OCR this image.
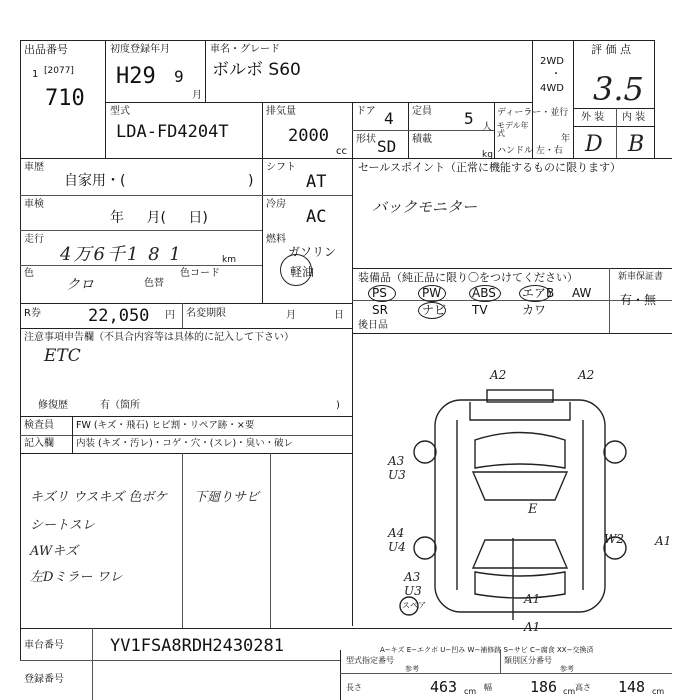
出品番号
1 [2077]
710
初度登録年月
H29 9
月
車名・グレード
ボルボ S60	2WD
・
4WD
評 価 点
3.5
外 装 内 装
D B
型式
LDA-FD4204T
排気量
2000
cc
ドア 4
形状 SD
定員 5 人
積載
kg
ディーラー・並行
モデル年式
年
ハンドル 左・右
車歴
自家用・(	)
シフト
AT
車検
年 月( 日)
冷房
AC
走行
4万6千1 8 1	km
燃料
ガソリン
軽油
色
クロ	色替
色コード
R券	22,050 円 名変期限	月	日
セールスポイント（正常に機能するものに限ります）
バックモニター
装備品（純正品に限り〇をつけてください）	新車保証書
有・無
PS	PW	ABS エアB AW
SR	ナビ TV	カワ
後日品
注意事項申告欄（不具合内容等は具体的に記入して下さい）
ETC
修復歴	有（箇所	)
検査員
記入欄
FW (キズ・飛石) ヒビ割・リペア跡・×要
内装 (キズ・汚レ)・コゲ・穴・(スレ)・臭い・破レ
キズリ ウスキズ 色ボケ 下廻りサビ
シートスレ
AWキズ
左Dミラー ワレ
A2	A2
A3 U3
A4 U4
A3 U3
E
W2	A1
A1
A1
スペア
A−キズ E−エクボ U−凹み W−補修跡 S−サビ C−腐食 XX−交換済
車台番号	YV1FSA8RDH2430281
登録番号
型式指定番号
参考
類別区分番号
参考
長さ	463 cm 幅	186 cm 高さ 148 cm
